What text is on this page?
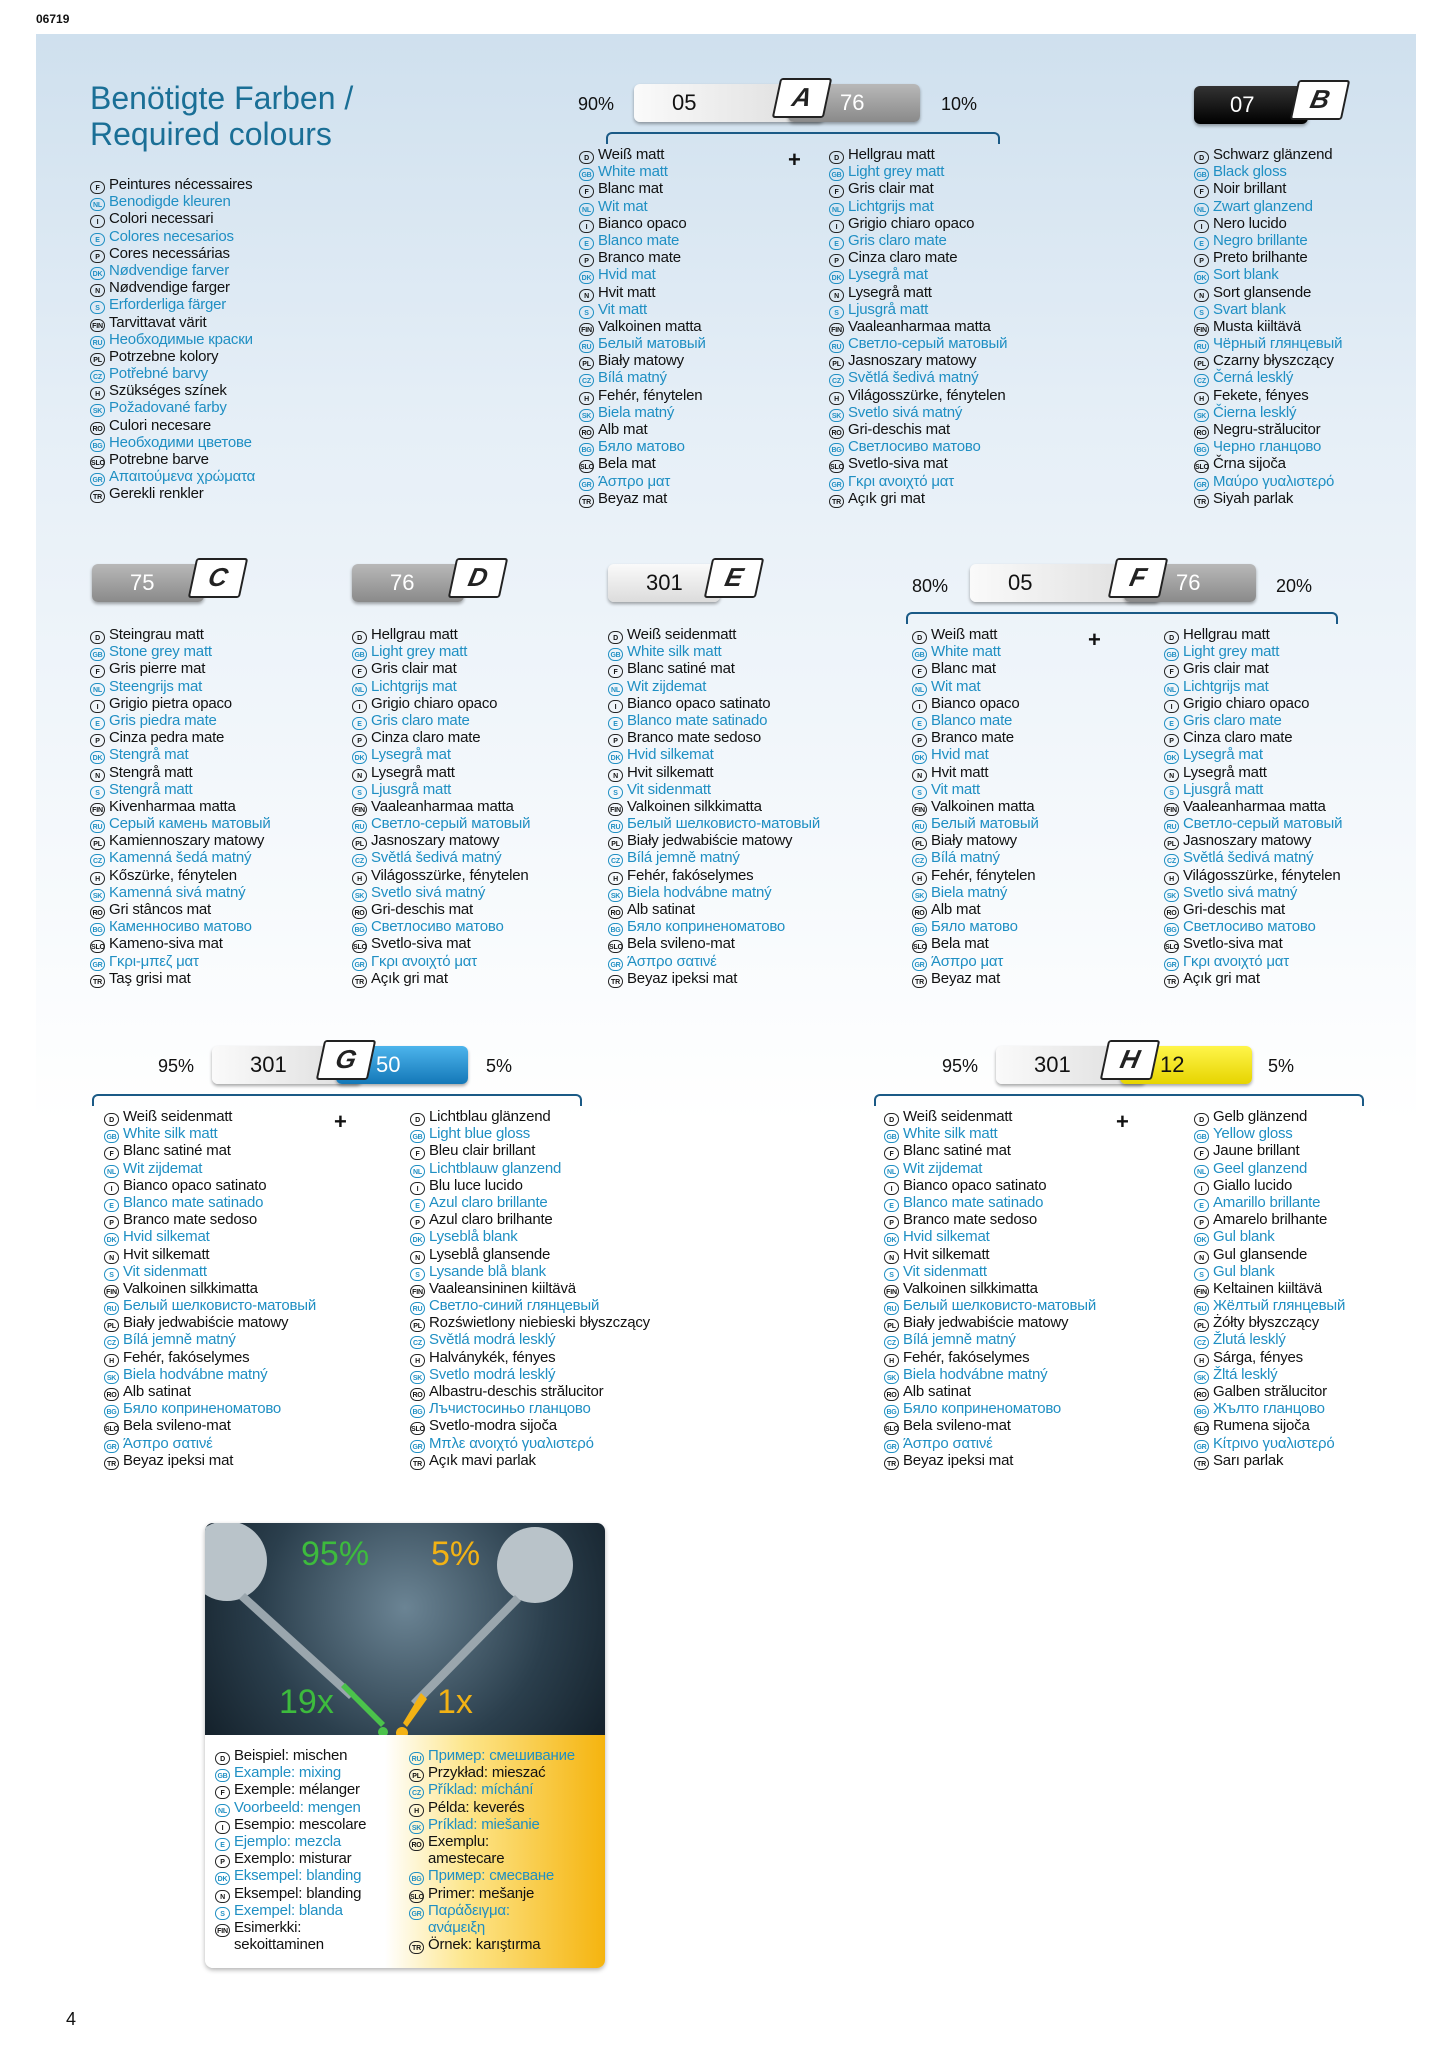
06719
Benötigte Farben /
Required colours
F Peintures nécessaires
NL Benodigde kleuren
I Colori necessari
E Colores necesarios
P Cores necessárias
DK Nødvendige farver
N Nødvendige farger
S Erforderliga färger
FIN Tarvittavat värit
RU Необходимые краски
PL Potrzebne kolory
CZ Potřebné barvy
H Szükséges színek
SK Požadované farby
RO Culori necesare
BG Необходими цветове
SLO Potrebne barve
GR Απαιτούμενα χρώματα
TR Gerekli renkler
90%	05	76
A	10%
+
D Weiß matt
GB White matt
F Blanc mat
NL Wit mat
I Bianco opaco
E Blanco mate
P Branco mate
DK Hvid mat
N Hvit matt
S Vit matt
FIN Valkoinen matta
RU Белый матовый
PL Biały matowy
CZ Bílá matný
H Fehér, fénytelen
SK Biela matný
RO Alb mat
BG Бяло матово
SLO Bela mat
GR Άσπρο ματ
TR Beyaz mat
D Hellgrau matt
GB Light grey matt
F Gris clair mat
NL Lichtgrijs mat
I Grigio chiaro opaco
E Gris claro mate
P Cinza claro mate
DK Lysegrå mat
N Lysegrå matt
S Ljusgrå matt
FIN Vaaleanharmaa matta
RU Светло-серый матовый
PL Jasnoszary matowy
CZ Světlá šedivá matný
H Világosszürke, fénytelen
SK Svetlo sivá matný
RO Gri-deschis mat
BG Светлосиво матово
SLO Svetlo-siva mat
GR Γκρι ανοιχτό ματ
TR Açık gri mat
07	B
D Schwarz glänzend
GB Black gloss
F Noir brillant
NL Zwart glanzend
I Nero lucido
E Negro brillante
P Preto brilhante
DK Sort blank
N Sort glansende
S Svart blank
FIN Musta kiiltävä
RU Чёрный глянцевый
PL Czarny błyszczący
CZ Černá lesklý
H Fekete, fényes
SK Čierna lesklý
RO Negru-strălucitor
BG Черно гланцово
SLO Črna sijoča
GR Μαύρο γυαλιστερό
TR Siyah parlak
75	C
D Steingrau matt
GB Stone grey matt
F Gris pierre mat
NL Steengrijs mat
I Grigio pietra opaco
E Gris piedra mate
P Cinza pedra mate
DK Stengrå mat
N Stengrå matt
S Stengrå matt
FIN Kivenharmaa matta
RU Серый камень матовый
PL Kamiennoszary matowy
CZ Kamenná šedá matný
H Kőszürke, fénytelen
SK Kamenná sivá matný
RO Gri stâncos mat
BG Каменносиво матово
SLO Kameno-siva mat
GR Γκρι-μπεζ ματ
TR Taş grisi mat
76	D
D Hellgrau matt
GB Light grey matt
F Gris clair mat
NL Lichtgrijs mat
I Grigio chiaro opaco
E Gris claro mate
P Cinza claro mate
DK Lysegrå mat
N Lysegrå matt
S Ljusgrå matt
FIN Vaaleanharmaa matta
RU Светло-серый матовый
PL Jasnoszary matowy
CZ Světlá šedivá matný
H Világosszürke, fénytelen
SK Svetlo sivá matný
RO Gri-deschis mat
BG Светлосиво матово
SLO Svetlo-siva mat
GR Γκρι ανοιχτό ματ
TR Açık gri mat
301	E
D Weiß seidenmatt
GB White silk matt
F Blanc satiné mat
NL Wit zijdemat
I Bianco opaco satinato
E Blanco mate satinado
P Branco mate sedoso
DK Hvid silkemat
N Hvit silkematt
S Vit sidenmatt
FIN Valkoinen silkkimatta
RU Белый шелковисто-матовый
PL Biały jedwabiście matowy
CZ Bílá jemně matný
H Fehér, fakóselymes
SK Biela hodvábne matný
RO Alb satinat
BG Бяло коприненоматово
SLO Bela svileno-mat
GR Άσπρο σατινέ
TR Beyaz ipeksi mat
80%	05	76
F	20%
+
D Weiß matt
GB White matt
F Blanc mat
NL Wit mat
I Bianco opaco
E Blanco mate
P Branco mate
DK Hvid mat
N Hvit matt
S Vit matt
FIN Valkoinen matta
RU Белый матовый
PL Biały matowy
CZ Bílá matný
H Fehér, fénytelen
SK Biela matný
RO Alb mat
BG Бяло матово
SLO Bela mat
GR Άσπρο ματ
TR Beyaz mat
D Hellgrau matt
GB Light grey matt
F Gris clair mat
NL Lichtgrijs mat
I Grigio chiaro opaco
E Gris claro mate
P Cinza claro mate
DK Lysegrå mat
N Lysegrå matt
S Ljusgrå matt
FIN Vaaleanharmaa matta
RU Светло-серый матовый
PL Jasnoszary matowy
CZ Světlá šedivá matný
H Világosszürke, fénytelen
SK Svetlo sivá matný
RO Gri-deschis mat
BG Светлосиво матово
SLO Svetlo-siva mat
GR Γκρι ανοιχτό ματ
TR Açık gri mat
95%	301	50
G	5%
+
D Weiß seidenmatt
GB White silk matt
F Blanc satiné mat
NL Wit zijdemat
I Bianco opaco satinato
E Blanco mate satinado
P Branco mate sedoso
DK Hvid silkemat
N Hvit silkematt
S Vit sidenmatt
FIN Valkoinen silkkimatta
RU Белый шелковисто-матовый
PL Biały jedwabiście matowy
CZ Bílá jemně matný
H Fehér, fakóselymes
SK Biela hodvábne matný
RO Alb satinat
BG Бяло коприненоматово
SLO Bela svileno-mat
GR Άσπρο σατινέ
TR Beyaz ipeksi mat
D Lichtblau glänzend
GB Light blue gloss
F Bleu clair brillant
NL Lichtblauw glanzend
I Blu luce lucido
E Azul claro brillante
P Azul claro brilhante
DK Lyseblå blank
N Lyseblå glansende
S Lysande blå blank
FIN Vaaleansininen kiiltävä
RU Светло-синий глянцевый
PL Rozświetlony niebieski błyszczący
CZ Světlá modrá lesklý
H Halványkék, fényes
SK Svetlo modrá lesklý
RO Albastru-deschis strălucitor
BG Лъчистосиньо гланцово
SLO Svetlo-modra sijoča
GR Μπλε ανοιχτό γυαλιστερό
TR Açık mavi parlak
95%	301	12
H	5%
+
D Weiß seidenmatt
GB White silk matt
F Blanc satiné mat
NL Wit zijdemat
I Bianco opaco satinato
E Blanco mate satinado
P Branco mate sedoso
DK Hvid silkemat
N Hvit silkematt
S Vit sidenmatt
FIN Valkoinen silkkimatta
RU Белый шелковисто-матовый
PL Biały jedwabiście matowy
CZ Bílá jemně matný
H Fehér, fakóselymes
SK Biela hodvábne matný
RO Alb satinat
BG Бяло коприненоматово
SLO Bela svileno-mat
GR Άσπρο σατινέ
TR Beyaz ipeksi mat
D Gelb glänzend
GB Yellow gloss
F Jaune brillant
NL Geel glanzend
I Giallo lucido
E Amarillo brillante
P Amarelo brilhante
DK Gul blank
N Gul glansende
S Gul blank
FIN Keltainen kiiltävä
RU Жёлтый глянцевый
PL Żółty błyszczący
CZ Žlutá lesklý
H Sárga, fényes
SK Žltá lesklý
RO Galben strălucitor
BG Жълто гланцово
SLO Rumena sijoča
GR Κίτρινο γυαλιστερό
TR Sarı parlak
95% 5%
19x	1x
D Beispiel: mischen
GB Example: mixing
F Exemple: mélanger
NL Voorbeeld: mengen
I Esempio: mescolare
E Ejemplo: mezcla
P Exemplo: misturar
DK Eksempel: blanding
N Eksempel: blanding
S Exempel: blanda
FIN Esimerkki:
sekoittaminen
RU Пример: смешивание
PL Przykład: mieszać
CZ Příklad: míchání
H Példa: keverés
SK Príklad: miešanie
RO Exemplu:
amestecare
BG Пример: смесване
SLO Primer: mešanje
GR Παράδειγμα:
ανάμειξη
TR Örnek: karıştırma
4
